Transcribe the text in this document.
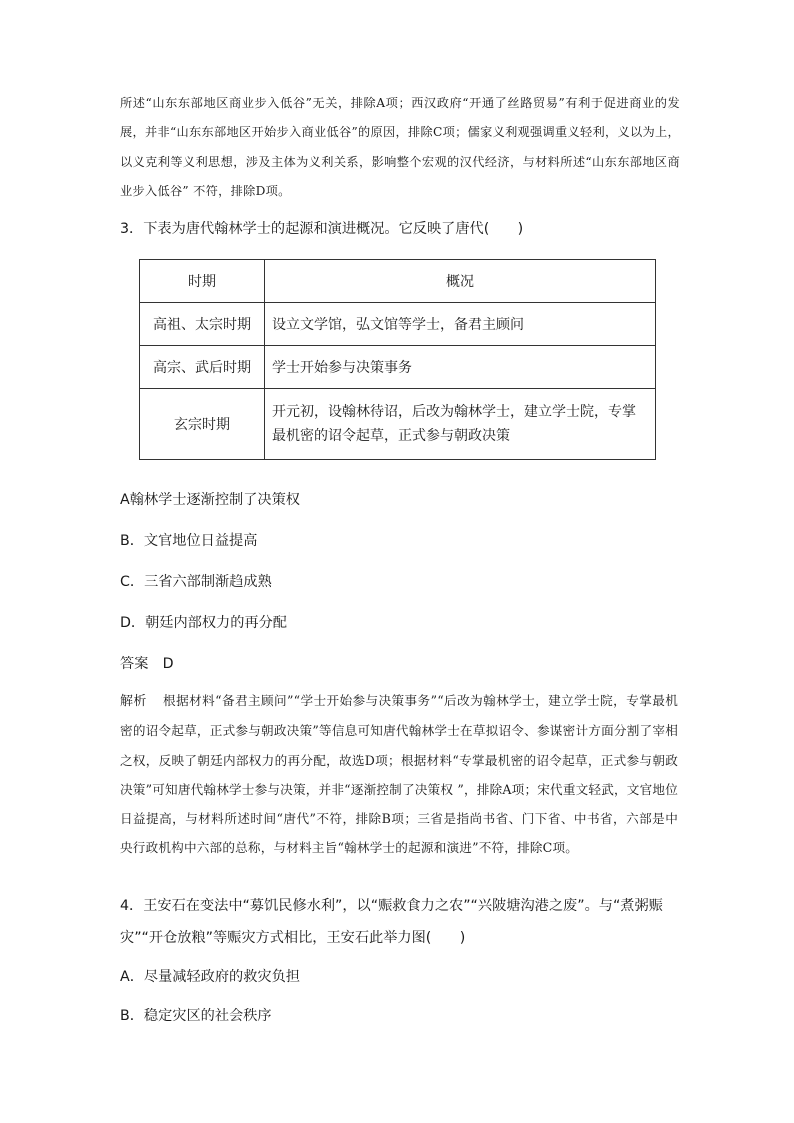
所述“山东东部地区商业步入低谷”无关，排除A项；西汉政府“开通了丝路贸易”有利于促进商业的发展，并非“山东东部地区开始步入商业低谷”的原因，排除C项；儒家义利观强调重义轻利，义以为上，以义克利等义利思想，涉及主体为义利关系，影响整个宏观的汉代经济，与材料所述“山东东部地区商业步入低谷” 不符，排除D项。
3．下表为唐代翰林学士的起源和演进概况。它反映了唐代(　　)
时期	概况
高祖、太宗时期	设立文学馆，弘文馆等学士，备君主顾问
高宗、武后时期	学士开始参与决策事务
玄宗时期	开元初，设翰林待诏，后改为翰林学士，建立学士院，专掌最机密的诏令起草，正式参与朝政决策
A翰林学士逐渐控制了决策权
B．文官地位日益提高
C．三省六部制渐趋成熟
D．朝廷内部权力的再分配
答案　D
解析 根据材料“备君主顾问”“学士开始参与决策事务”“后改为翰林学士，建立学士院，专掌最机密的诏令起草，正式参与朝政决策”等信息可知唐代翰林学士在草拟诏令、参谋密计方面分割了宰相之权，反映了朝廷内部权力的再分配，故选D项；根据材料“专掌最机密的诏令起草，正式参与朝政决策”可知唐代翰林学士参与决策，并非“逐渐控制了决策权 ”，排除A项；宋代重文轻武，文官地位日益提高，与材料所述时间“唐代”不符，排除B项；三省是指尚书省、门下省、中书省，六部是中央行政机构中六部的总称，与材料主旨“翰林学士的起源和演进”不符，排除C项。
4．王安石在变法中“募饥民修水利”，以“赈救食力之农”“兴陂塘沟港之废”。与“煮粥赈灾”“开仓放粮”等赈灾方式相比，王安石此举力图(　　)
A．尽量减轻政府的救灾负担
B．稳定灾区的社会秩序
